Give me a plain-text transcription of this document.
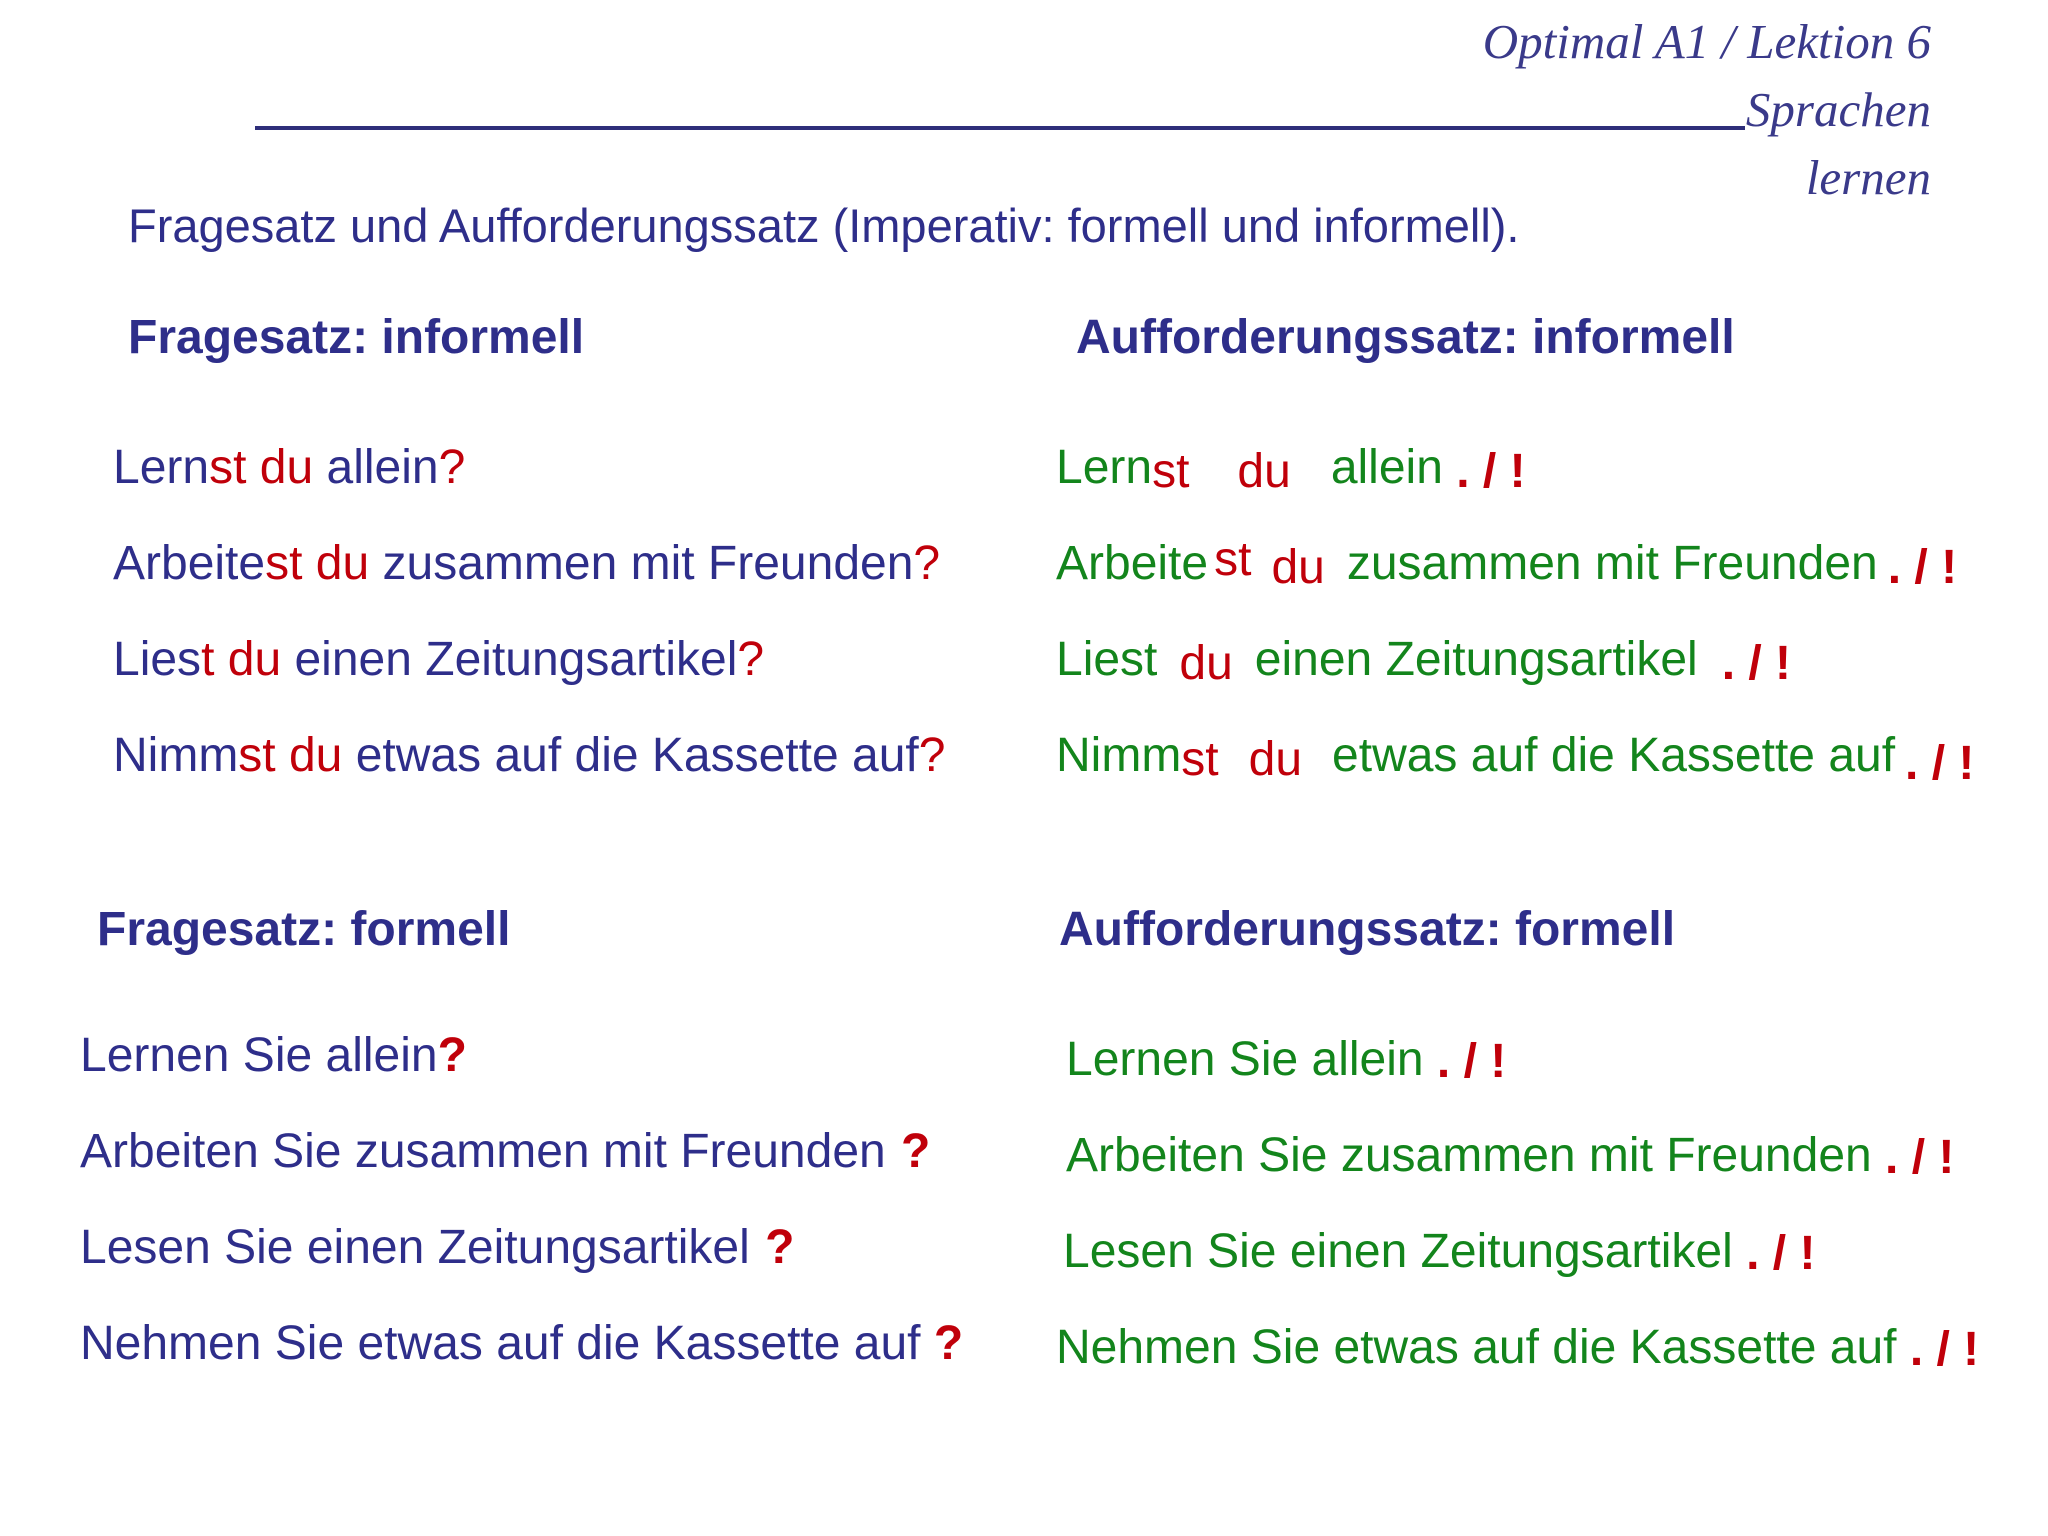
Optimal A1 / Lektion 6
Sprachen
lernen
Fragesatz und Aufforderungssatz (Imperativ: formell und informell).
Fragesatz: informell	Aufforderungssatz: informell
Lernst du allein?
Arbeitest du zusammen mit Freunden?
Liest du einen Zeitungsartikel?
Nimmst du etwas auf die Kassette auf?
Lernst du allein . / !
Arbeite st du zusammen mit Freunden . / !
Liest du einen Zeitungsartikel . / !
Nimmst du etwas auf die Kassette auf . / !
Fragesatz: formell	Aufforderungssatz: formell
Lernen Sie allein?
Arbeiten Sie zusammen mit Freunden ?
Lesen Sie einen Zeitungsartikel ?
Nehmen Sie etwas auf die Kassette auf ?
Lernen Sie allein . / !
Arbeiten Sie zusammen mit Freunden . / !
Lesen Sie einen Zeitungsartikel . / !
Nehmen Sie etwas auf die Kassette auf . / !
